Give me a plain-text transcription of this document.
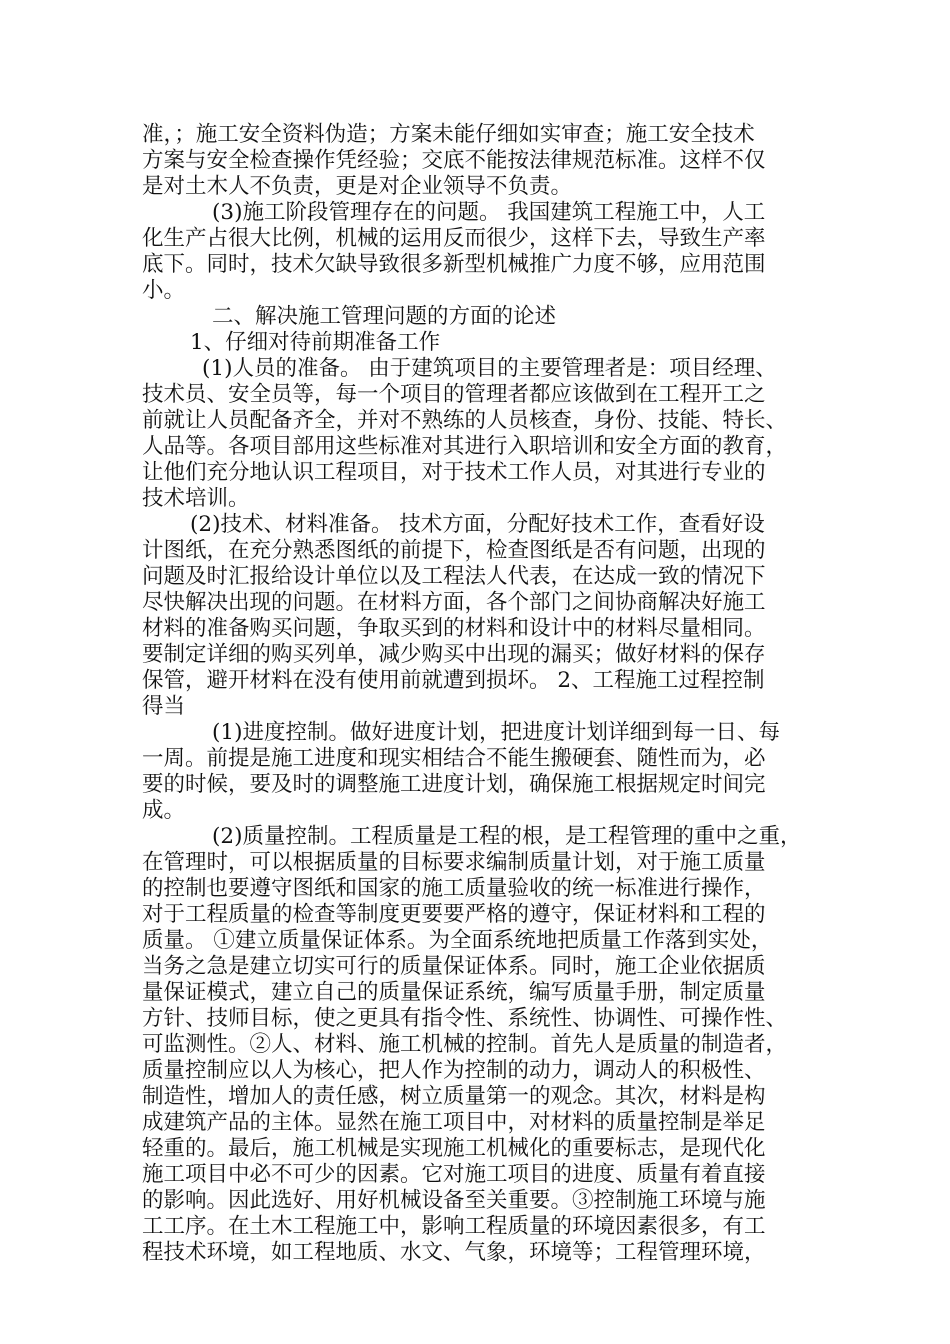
准，；施工安全资料伪造；方案未能仔细如实审查；施工安全技术
方案与安全检查操作凭经验；交底不能按法律规范标准。这样不仅
是对土木人不负责，更是对企业领导不负责。
(3)施工阶段管理存在的问题。 我国建筑工程施工中，人工
化生产占很大比例，机械的运用反而很少，这样下去，导致生产率
底下。同时，技术欠缺导致很多新型机械推广力度不够，应用范围
小。
二、解决施工管理问题的方面的论述
1、仔细对待前期准备工作
(1)人员的准备。 由于建筑项目的主要管理者是：项目经理、
技术员、安全员等，每一个项目的管理者都应该做到在工程开工之
前就让人员配备齐全，并对不熟练的人员核查，身份、技能、特长、
人品等。各项目部用这些标准对其进行入职培训和安全方面的教育，
让他们充分地认识工程项目，对于技术工作人员，对其进行专业的
技术培训。
(2)技术、材料准备。 技术方面，分配好技术工作，查看好设
计图纸，在充分熟悉图纸的前提下，检查图纸是否有问题，出现的
问题及时汇报给设计单位以及工程法人代表，在达成一致的情况下
尽快解决出现的问题。在材料方面，各个部门之间协商解决好施工
材料的准备购买问题，争取买到的材料和设计中的材料尽量相同。
要制定详细的购买列单，减少购买中出现的漏买；做好材料的保存
保管，避开材料在没有使用前就遭到损坏。 2、工程施工过程控制
得当
(1)进度控制。做好进度计划，把进度计划详细到每一日、每
一周。前提是施工进度和现实相结合不能生搬硬套、随性而为，必
要的时候，要及时的调整施工进度计划，确保施工根据规定时间完
成。
(2)质量控制。工程质量是工程的根，是工程管理的重中之重，
在管理时，可以根据质量的目标要求编制质量计划，对于施工质量
的控制也要遵守图纸和国家的施工质量验收的统一标准进行操作，
对于工程质量的检查等制度更要要严格的遵守，保证材料和工程的
质量。 ①建立质量保证体系。为全面系统地把质量工作落到实处，
当务之急是建立切实可行的质量保证体系。同时，施工企业依据质
量保证模式，建立自己的质量保证系统，编写质量手册，制定质量
方针、技师目标，使之更具有指令性、系统性、协调性、可操作性、
可监测性。②人、材料、施工机械的控制。首先人是质量的制造者，
质量控制应以人为核心，把人作为控制的动力，调动人的积极性、
制造性，增加人的责任感，树立质量第一的观念。其次，材料是构
成建筑产品的主体。显然在施工项目中，对材料的质量控制是举足
轻重的。最后，施工机械是实现施工机械化的重要标志，是现代化
施工项目中必不可少的因素。它对施工项目的进度、质量有着直接
的影响。因此选好、用好机械设备至关重要。③控制施工环境与施
工工序。在土木工程施工中，影响工程质量的环境因素很多，有工
程技术环境，如工程地质、水文、气象，环境等；工程管理环境，
